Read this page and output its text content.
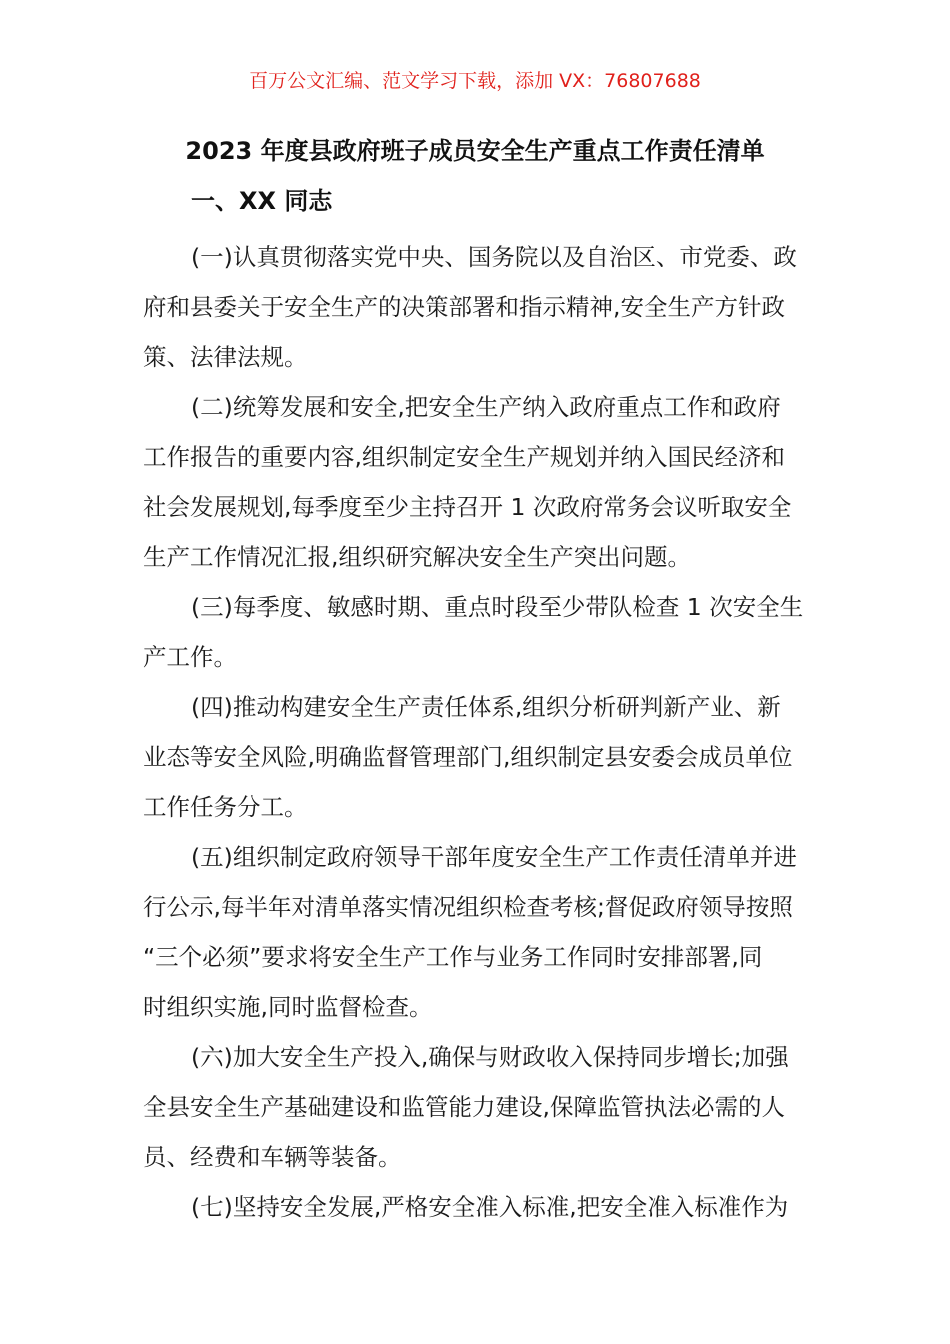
百万公文汇编、范文学习下载，添加 VX：76807688
2023 年度县政府班子成员安全生产重点工作责任清单
一、XX 同志
(一)认真贯彻落实党中央、国务院以及自治区、市党委、政
府和县委关于安全生产的决策部署和指示精神,安全生产方针政
策、法律法规。
(二)统筹发展和安全,把安全生产纳入政府重点工作和政府
工作报告的重要内容,组织制定安全生产规划并纳入国民经济和
社会发展规划,每季度至少主持召开 1 次政府常务会议听取安全
生产工作情况汇报,组织研究解决安全生产突出问题。
(三)每季度、敏感时期、重点时段至少带队检查 1 次安全生
产工作。
(四)推动构建安全生产责任体系,组织分析研判新产业、新
业态等安全风险,明确监督管理部门,组织制定县安委会成员单位
工作任务分工。
(五)组织制定政府领导干部年度安全生产工作责任清单并进
行公示,每半年对清单落实情况组织检查考核;督促政府领导按照
“三个必须”要求将安全生产工作与业务工作同时安排部署,同
时组织实施,同时监督检查。
(六)加大安全生产投入,确保与财政收入保持同步增长;加强
全县安全生产基础建设和监管能力建设,保障监管执法必需的人
员、经费和车辆等装备。
(七)坚持安全发展,严格安全准入标准,把安全准入标准作为
